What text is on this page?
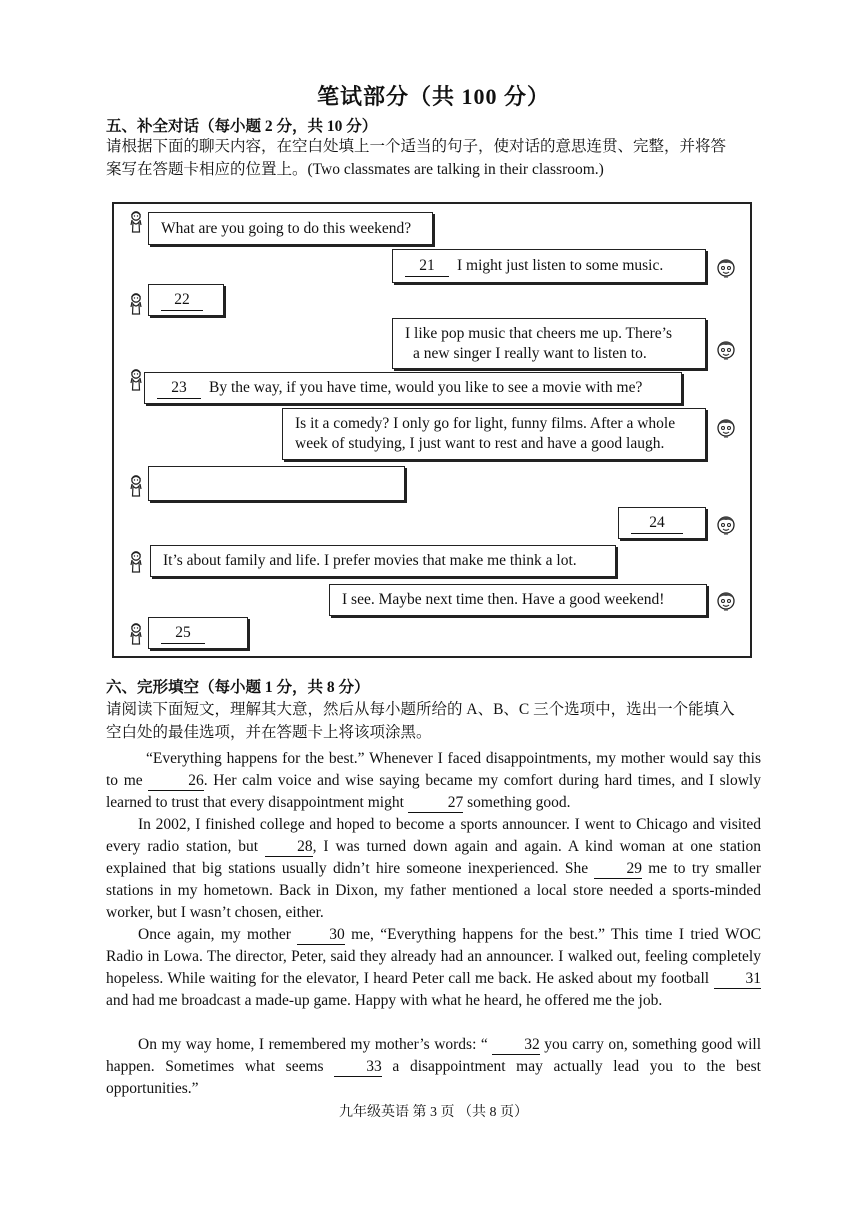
笔试部分（共 100 分）
五、补全对话（每小题 2 分，共 10 分）
请根据下面的聊天内容，在空白处填上一个适当的句子，使对话的意思连贯、完整，并将答
案写在答题卡相应的位置上。(Two classmates are talking in their classroom.)
What are you going to do this weekend?
21	I might just listen to some music.
22
I like pop music that cheers me up. There’s
a new singer I really want to listen to.
23	By the way, if you have time, would you like to see a movie with me?
Is it a comedy? I only go for light, funny films. After a whole
week of studying, I just want to rest and have a good laugh.
24
It’s about family and life. I prefer movies that make me think a lot.
I see. Maybe next time then. Have a good weekend!
25
六、完形填空（每小题 1 分，共 8 分）
请阅读下面短文，理解其大意，然后从每小题所给的 A、B、C 三个选项中，选出一个能填入
空白处的最佳选项，并在答题卡上将该项涂黑。
“Everything happens for the best.” Whenever I faced disappointments, my mother would say this to me	26. Her calm voice and wise saying became my comfort during hard times, and I slowly learned to trust that every disappointment might	27 something good.
In 2002, I finished college and hoped to become a sports announcer. I went to Chicago and visited every radio station, but 28, I was turned down again and again. A kind woman at one station explained that big stations usually didn’t hire someone inexperienced. She 29 me to try smaller stations in my hometown. Back in Dixon, my father mentioned a local store needed a sports-minded worker, but I wasn’t chosen, either.
Once again, my mother 30 me, “Everything happens for the best.” This time I tried WOC Radio in Lowa. The director, Peter, said they already had an announcer. I walked out, feeling completely hopeless. While waiting for the elevator, I heard Peter call me back. He asked about my football 31 and had me broadcast a made-up game. Happy with what he heard, he offered me the job.
On my way home, I remembered my mother’s words: “ 32 you carry on, something good will happen. Sometimes what seems 33 a disappointment may actually lead you to the best opportunities.”
九年级英语 第 3 页 （共 8 页）
